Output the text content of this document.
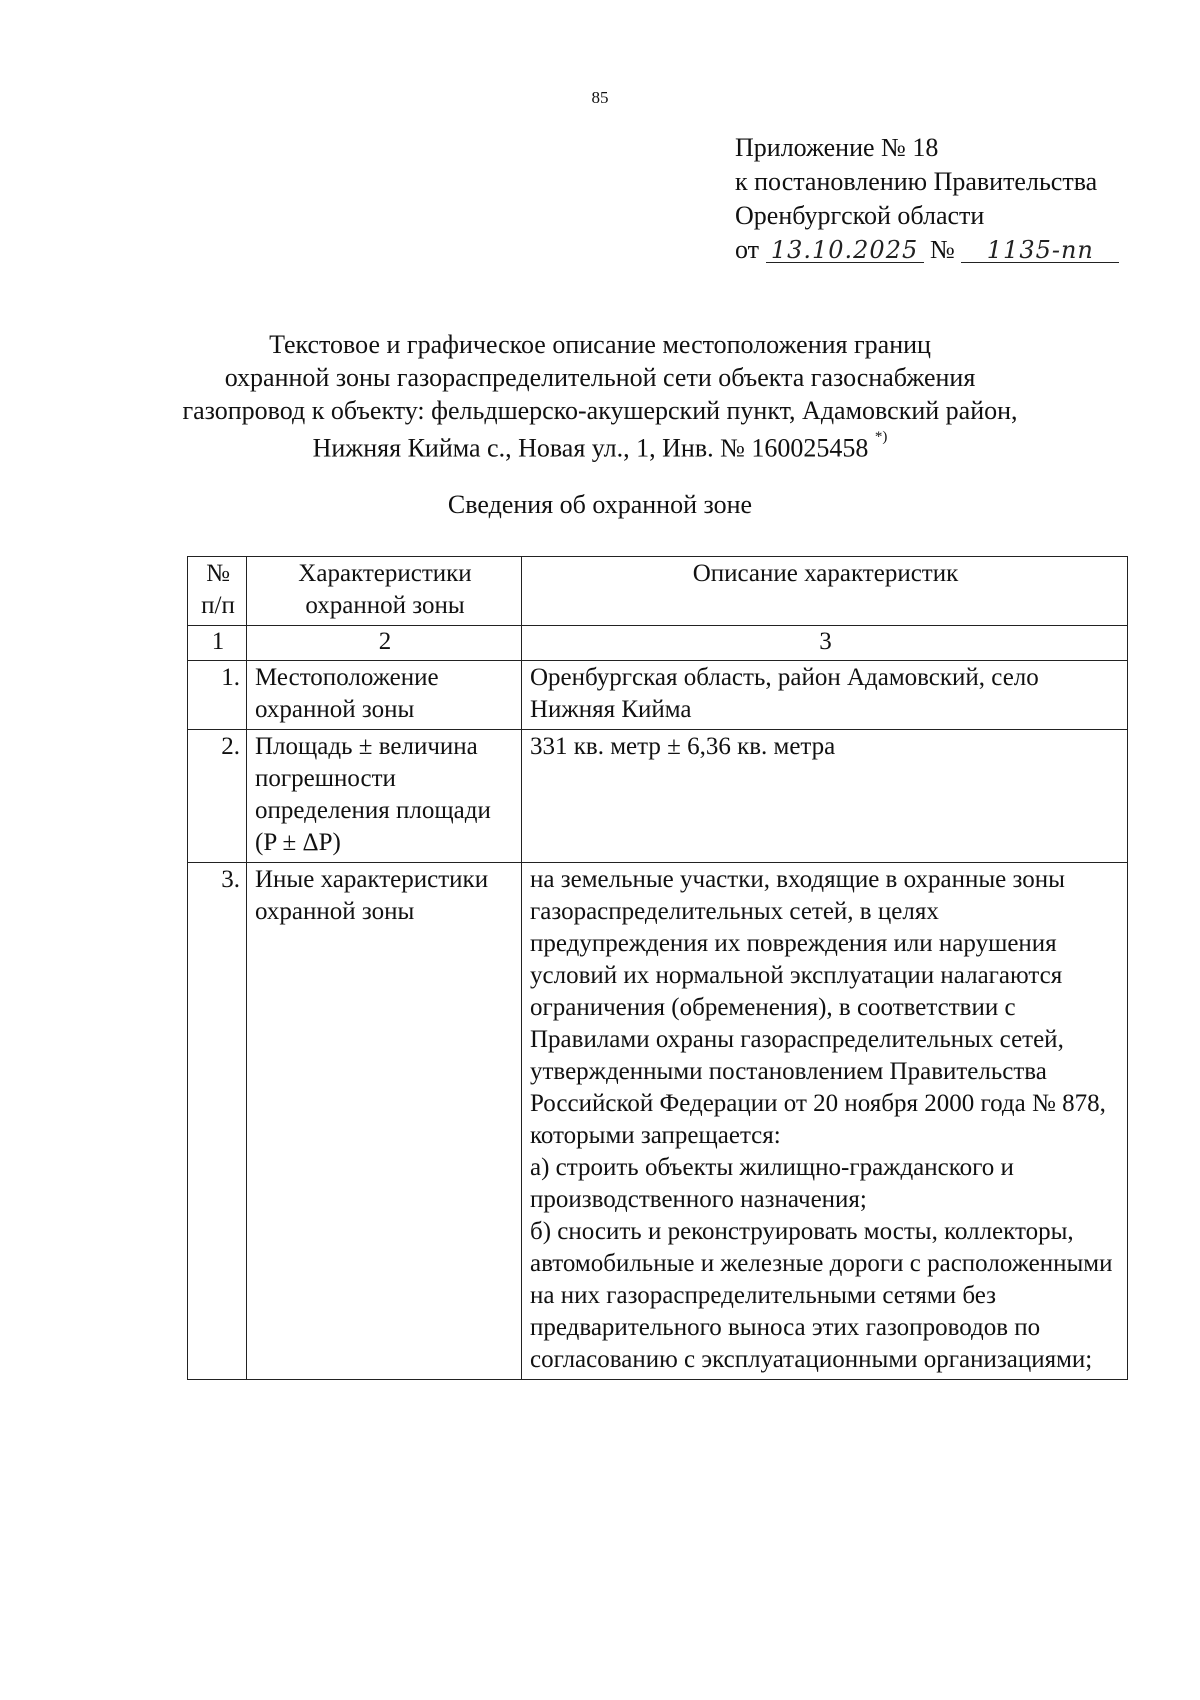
85
Приложение № 18
к постановлению Правительства
Оренбургской области
от 13.10.2025 № 1135-пп
Текстовое и графическое описание местоположения границ
охранной зоны газораспределительной сети объекта газоснабжения
газопровод к объекту: фельдшерско-акушерский пункт, Адамовский район,
Нижняя Кийма с., Новая ул., 1, Инв. № 160025458 *)
Сведения об охранной зоне
№ п/п	Характеристики охранной зоны	Описание характеристик
1	2	3
1.	Местоположение охранной зоны	Оренбургская область, район Адамовский, село Нижняя Кийма

2.	Площадь ± величина погрешности определения площади (P ± ΔP)	331 кв. метр ± 6,36 кв. метра

3.	Иные характеристики охранной зоны	на земельные участки, входящие в охранные зоны газораспределительных сетей, в целях предупреждения их повреждения или нарушения условий их нормальной эксплуатации налагаются ограничения (обременения), в соответствии с Правилами охраны газораспределительных сетей, утвержденными постановлением Правительства Российской Федерации от 20 ноября 2000 года № 878, которыми запрещается:

а) строить объекты жилищно-гражданского и производственного назначения;

б) сносить и реконструировать мосты, коллекторы, автомобильные и железные дороги с расположенными на них газораспределительными сетями без предварительного выноса этих газопроводов по согласованию с эксплуатационными организациями;
